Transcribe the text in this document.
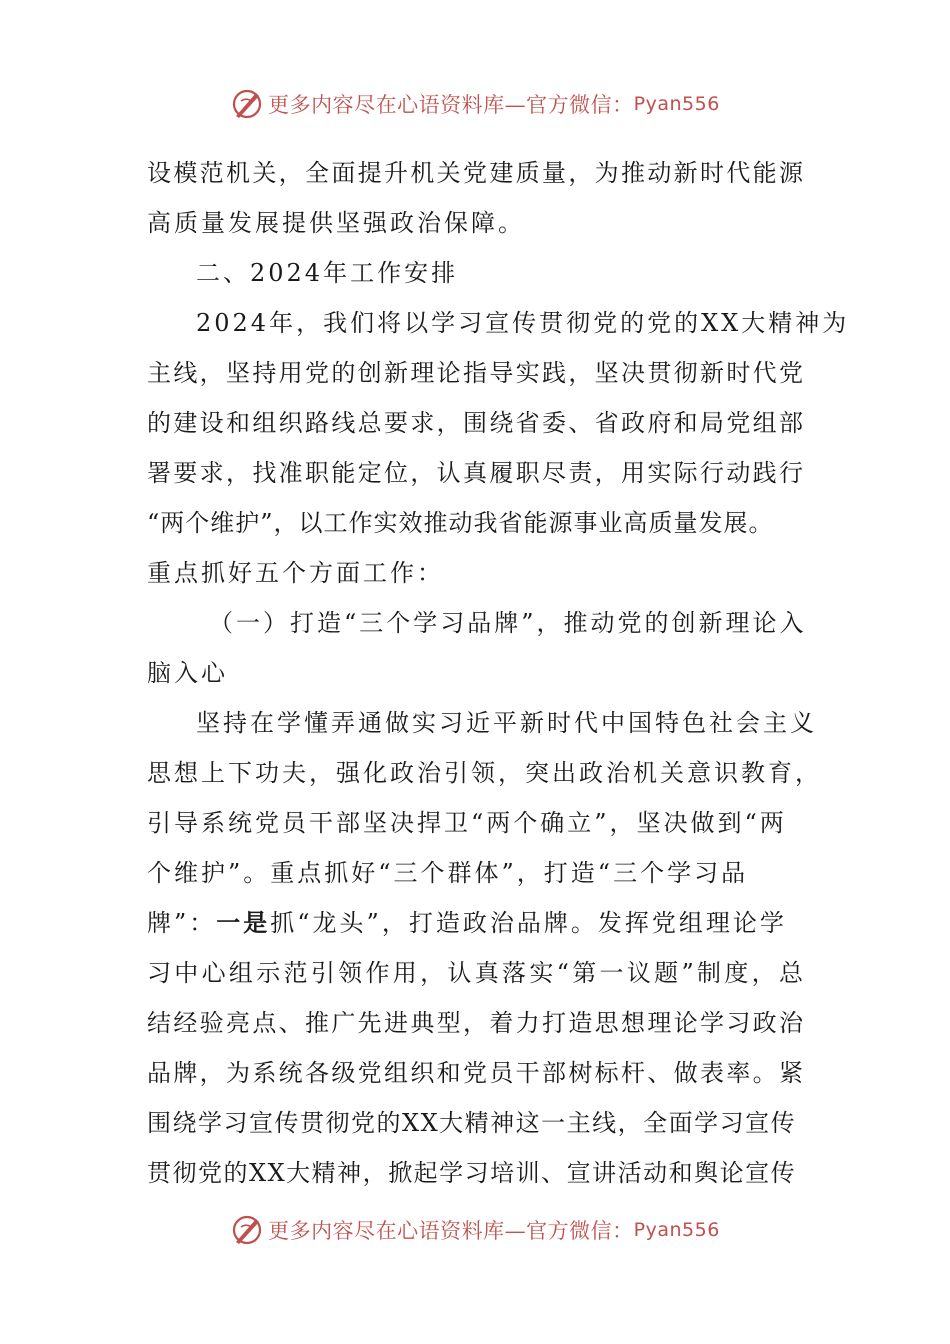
更多内容尽在心语资料库—官方微信： Pyan556
设模范机关，全面提升机关党建质量，为推动新时代能源
高质量发展提供坚强政治保障。
二、2024年工作安排
2024年，我们将以学习宣传贯彻党的党的XX大精神为
主线，坚持用党的创新理论指导实践，坚决贯彻新时代党
的建设和组织路线总要求，围绕省委、省政府和局党组部
署要求，找准职能定位，认真履职尽责，用实际行动践行
“两个维护”，以工作实效推动我省能源事业高质量发展。
重点抓好五个方面工作：
（一）打造“三个学习品牌”，推动党的创新理论入
脑入心
坚持在学懂弄通做实习近平新时代中国特色社会主义
思想上下功夫，强化政治引领，突出政治机关意识教育，
引导系统党员干部坚决捍卫“两个确立”，坚决做到“两
个维护”。重点抓好“三个群体”，打造“三个学习品
牌”：一是抓“龙头”，打造政治品牌。发挥党组理论学
习中心组示范引领作用，认真落实“第一议题”制度，总
结经验亮点、推广先进典型，着力打造思想理论学习政治
品牌，为系统各级党组织和党员干部树标杆、做表率。紧
围绕学习宣传贯彻党的XX大精神这一主线，全面学习宣传
贯彻党的XX大精神，掀起学习培训、宣讲活动和舆论宣传
更多内容尽在心语资料库—官方微信： Pyan556
